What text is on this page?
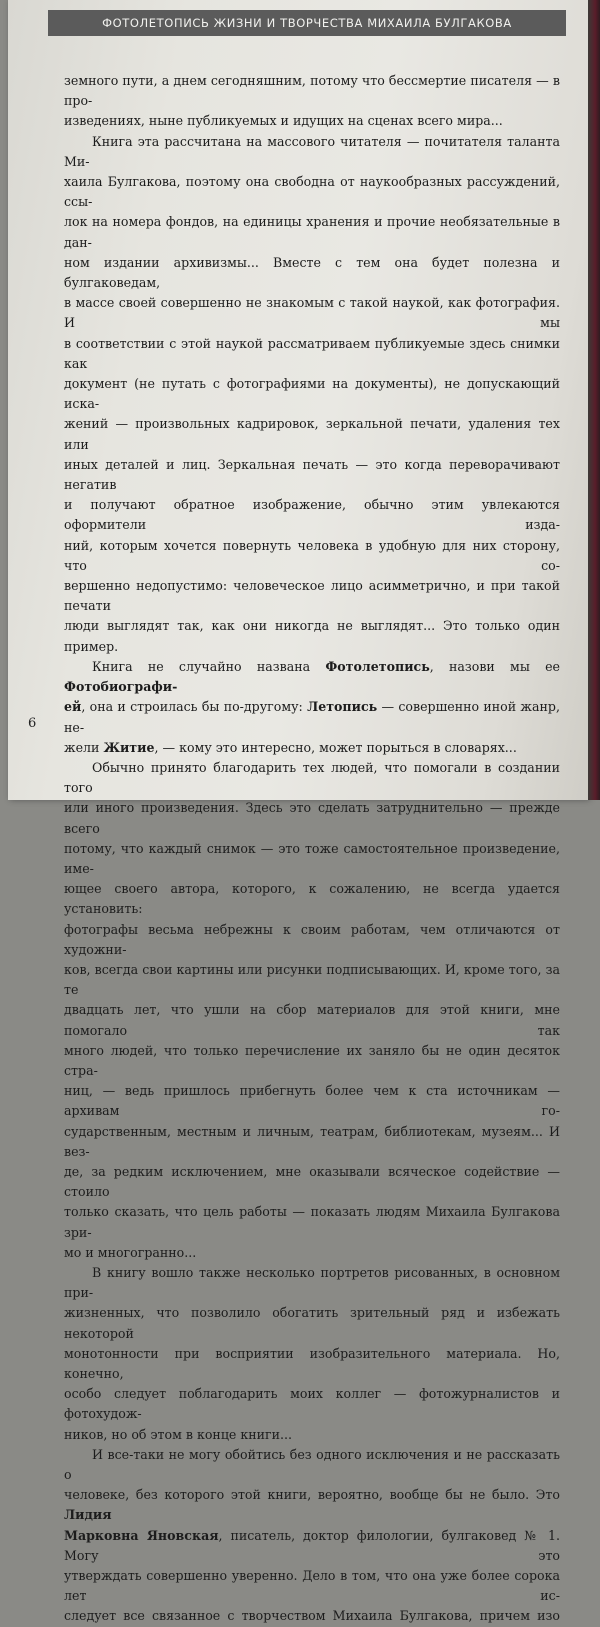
ФОТОЛЕТОПИСЬ ЖИЗНИ И ТВОРЧЕСТВА МИХАИЛА БУЛГАКОВА

земного пути, а днем сегодняшним, потому что бессмертие писателя — в про-

изведениях, ныне публикуемых и идущих на сценах всего мира...

Книга эта рассчитана на массового читателя — почитателя таланта Ми-

хаила Булгакова, поэтому она свободна от наукообразных рассуждений, ссы-

лок на номера фондов, на единицы хранения и прочие необязательные в дан-

ном издании архивизмы... Вместе с тем она будет полезна и булгаковедам,

в массе своей совершенно не знакомым с такой наукой, как фотография. И мы

в соответствии с этой наукой рассматриваем публикуемые здесь снимки как

документ (не путать с фотографиями на документы), не допускающий иска-

жений — произвольных кадрировок, зеркальной печати, удаления тех или

иных деталей и лиц. Зеркальная печать — это когда переворачивают негатив

и получают обратное изображение, обычно этим увлекаются оформители изда-

ний, которым хочется повернуть человека в удобную для них сторону, что со-

вершенно недопустимо: человеческое лицо асимметрично, и при такой печати

люди выглядят так, как они никогда не выглядят... Это только один пример.

Книга не случайно названа Фотолетопись, назови мы ее Фотобиографи-

ей, она и строилась бы по-другому: Летопись — совершенно иной жанр, не-

жели Житие, — кому это интересно, может порыться в словарях...

Обычно принято благодарить тех людей, что помогали в создании того

или иного произведения. Здесь это сделать затруднительно — прежде всего

потому, что каждый снимок — это тоже самостоятельное произведение, име-

ющее своего автора, которого, к сожалению, не всегда удается установить:

фотографы весьма небрежны к своим работам, чем отличаются от художни-

ков, всегда свои картины или рисунки подписывающих. И, кроме того, за те

двадцать лет, что ушли на сбор материалов для этой книги, мне помогало так

много людей, что только перечисление их заняло бы не один десяток стра-

ниц, — ведь пришлось прибегнуть более чем к ста источникам — архивам го-

сударственным, местным и личным, театрам, библиотекам, музеям... И вез-

де, за редким исключением, мне оказывали всяческое содействие — стоило

только сказать, что цель работы — показать людям Михаила Булгакова зри-

мо и многогранно...

В книгу вошло также несколько портретов рисованных, в основном при-

жизненных, что позволило обогатить зрительный ряд и избежать некоторой

монотонности при восприятии изобразительного материала. Но, конечно,

особо следует поблагодарить моих коллег — фотожурналистов и фотохудож-

ников, но об этом в конце книги...

И все-таки не могу обойтись без одного исключения и не рассказать о

человеке, без которого этой книги, вероятно, вообще бы не было. Это Лидия

Марковна Яновская, писатель, доктор филологии, булгаковед № 1. Могу это

утверждать совершенно уверенно. Дело в том, что она уже более сорока лет ис-

следует все связанное с творчеством Михаила Булгакова, причем изо

6
